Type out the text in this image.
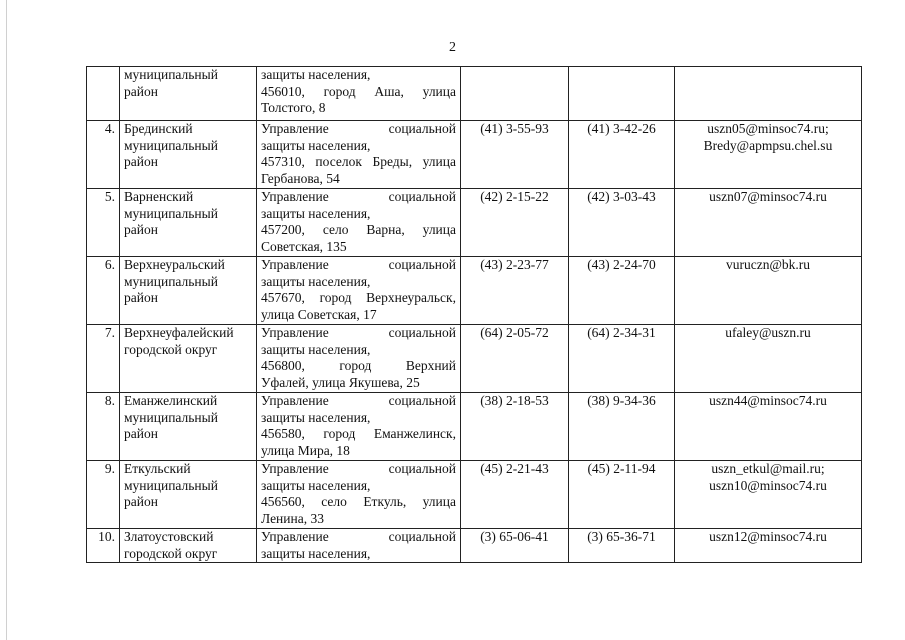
2

	муниципальный
район	защиты населения,
456010, город Аша, улица
Толстого, 8			

4.	Брединский
муниципальный
район	Управление социальной
защиты населения,
457310, поселок Бреды, улица
Гербанова, 54	(41) 3-55-93	(41) 3-42-26	uszn05@minsoc74.ru;
Bredy@apmpsu.chel.su

5.	Варненский
муниципальный
район	Управление социальной
защиты населения,
457200, село Варна, улица
Советская, 135	(42) 2-15-22	(42) 3-03-43	uszn07@minsoc74.ru

6.	Верхнеуральский
муниципальный
район	Управление социальной
защиты населения,
457670, город Верхнеуральск,
улица Советская, 17	(43) 2-23-77	(43) 2-24-70	vuruczn@bk.ru

7.	Верхнеуфалейский
городской округ	Управление социальной
защиты населения,
456800, город Верхний
Уфалей, улица Якушева, 25	(64) 2-05-72	(64) 2-34-31	ufaley@uszn.ru

8.	Еманжелинский
муниципальный
район	Управление социальной
защиты населения,
456580, город Еманжелинск,
улица Мира, 18	(38) 2-18-53	(38) 9-34-36	uszn44@minsoc74.ru

9.	Еткульский
муниципальный
район	Управление социальной
защиты населения,
456560, село Еткуль, улица
Ленина, 33	(45) 2-21-43	(45) 2-11-94	uszn_etkul@mail.ru;
uszn10@minsoc74.ru

10.	Златоустовский
городской округ	Управление социальной
защиты населения,	(3) 65-06-41	(3) 65-36-71	uszn12@minsoc74.ru
